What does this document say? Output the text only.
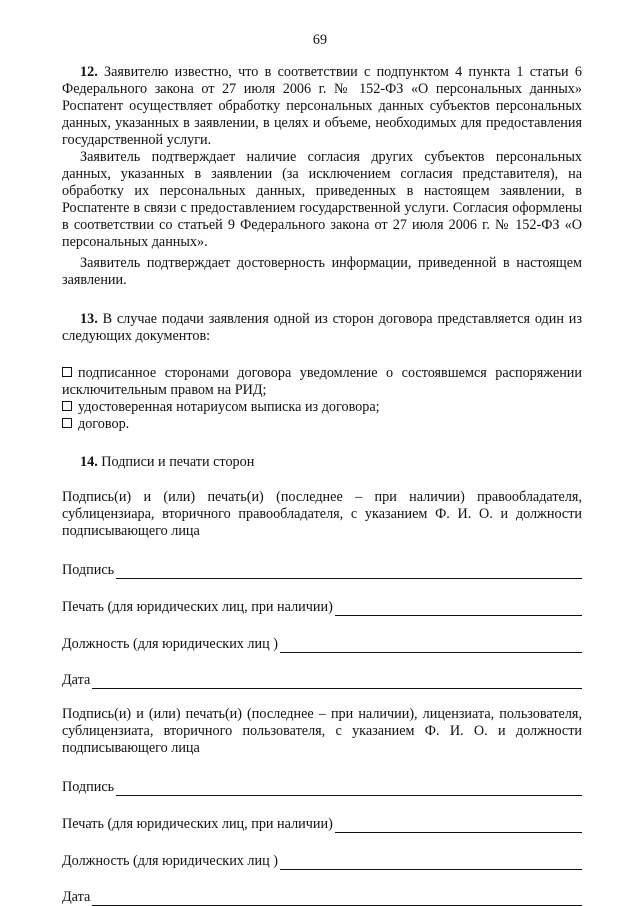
69

12. Заявителю известно, что в соответствии с подпунктом 4 пункта 1 статьи 6 Федерального закона от 27 июля 2006 г. № 152-ФЗ «О персональных данных» Роспатент осуществляет обработку персональных данных субъектов персональных данных, указанных в заявлении, в целях и объеме, необходимых для предоставления государственной услуги.

Заявитель подтверждает наличие согласия других субъектов персональных данных, указанных в заявлении (за исключением согласия представителя), на обработку их персональных данных, приведенных в настоящем заявлении, в Роспатенте в связи с предоставлением государственной услуги. Согласия оформлены в соответствии со статьей 9 Федерального закона от 27 июля 2006 г. № 152-ФЗ «О персональных данных».

Заявитель подтверждает достоверность информации, приведенной в настоящем заявлении.

13. В случае подачи заявления одной из сторон договора представляется один из следующих документов:

подписанное сторонами договора уведомление о состоявшемся распоряжении исключительным правом на РИД;

удостоверенная нотариусом выписка из договора;

договор.

14. Подписи и печати сторон

Подпись(и) и (или) печать(и) (последнее – при наличии) правообладателя, сублицензиара, вторичного правообладателя, с указанием Ф. И. О. и должности подписывающего лица

Подпись
Печать (для юридических лиц, при наличии)
Должность (для юридических лиц )
Дата

Подпись(и) и (или) печать(и) (последнее – при наличии), лицензиата, пользователя, сублицензиата, вторичного пользователя, с указанием Ф. И. О. и должности подписывающего лица

Подпись
Печать (для юридических лиц, при наличии)
Должность (для юридических лиц )
Дата
